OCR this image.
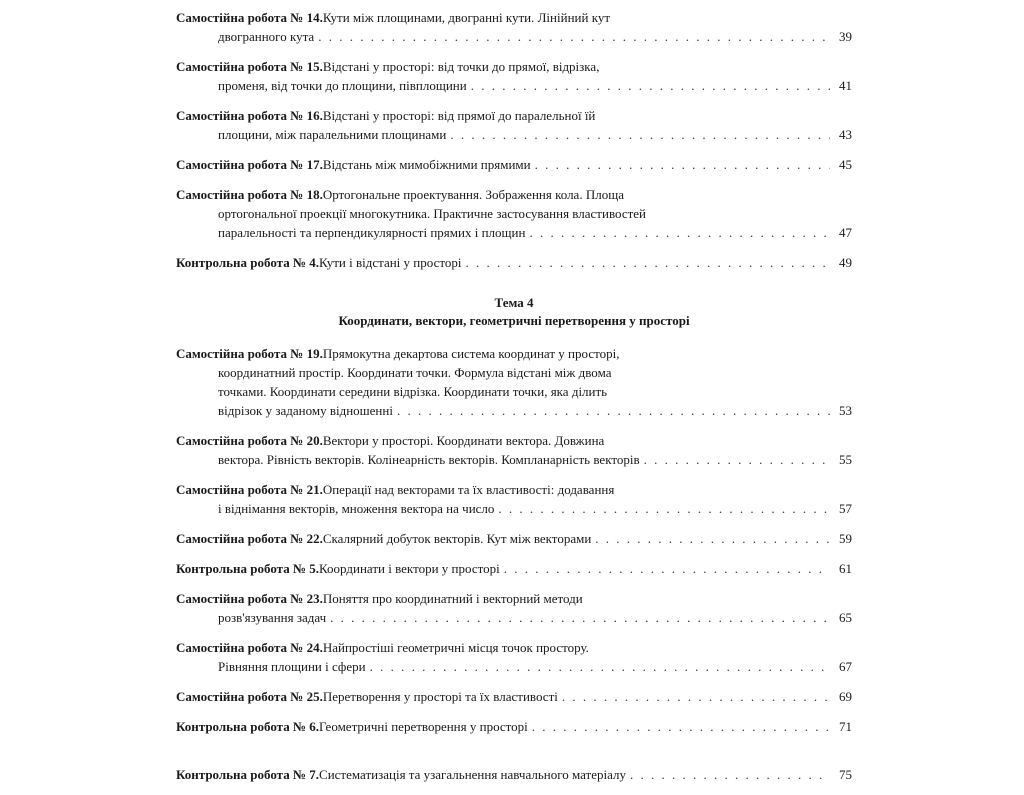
Самостійна робота № 14. Кути між площинами, двогранні кути. Лінійний кут
двогранного кута . . .	39
Самостійна робота № 15. Відстані у просторі: від точки до прямої, відрізка,
променя, від точки до площини, півплощини . . .	41
Самостійна робота № 16. Відстані у просторі: від прямої до паралельної їй
площини, між паралельними площинами . . .	43
Самостійна робота № 17. Відстань між мимобіжними прямими . . .	45
Самостійна робота № 18. Ортогональне проектування. Зображення кола. Площа
ортогональної проекції многокутника. Практичне застосування властивостей
паралельності та перпендикулярності прямих і площин . . .	47
Контрольна робота № 4. Кути і відстані у просторі . . .	49
Тема 4
Координати, вектори, геометричні перетворення у просторі
Самостійна робота № 19. Прямокутна декартова система координат у просторі,
координатний простір. Координати точки. Формула відстані між двома
точками. Координати середини відрізка. Координати точки, яка ділить
відрізок у заданому відношенні . . .	53
Самостійна робота № 20. Вектори у просторі. Координати вектора. Довжина
вектора. Рівність векторів. Колінеарність векторів. Компланарність векторів . . .	55
Самостійна робота № 21. Операції над векторами та їх властивості: додавання
і віднімання векторів, множення вектора на число . . .	57
Самостійна робота № 22. Скалярний добуток векторів. Кут між векторами . . .	59
Контрольна робота № 5. Координати і вектори у просторі . . .	61
Самостійна робота № 23. Поняття про координатний і векторний методи
розв'язування задач . . .	65
Самостійна робота № 24. Найпростіші геометричні місця точок простору.
Рівняння площини і сфери . . .	67
Самостійна робота № 25. Перетворення у просторі та їх властивості . . .	69
Контрольна робота № 6. Геометричні перетворення у просторі . . .	71
Контрольна робота № 7. Систематизація та узагальнення навчального матеріалу . . .	75
